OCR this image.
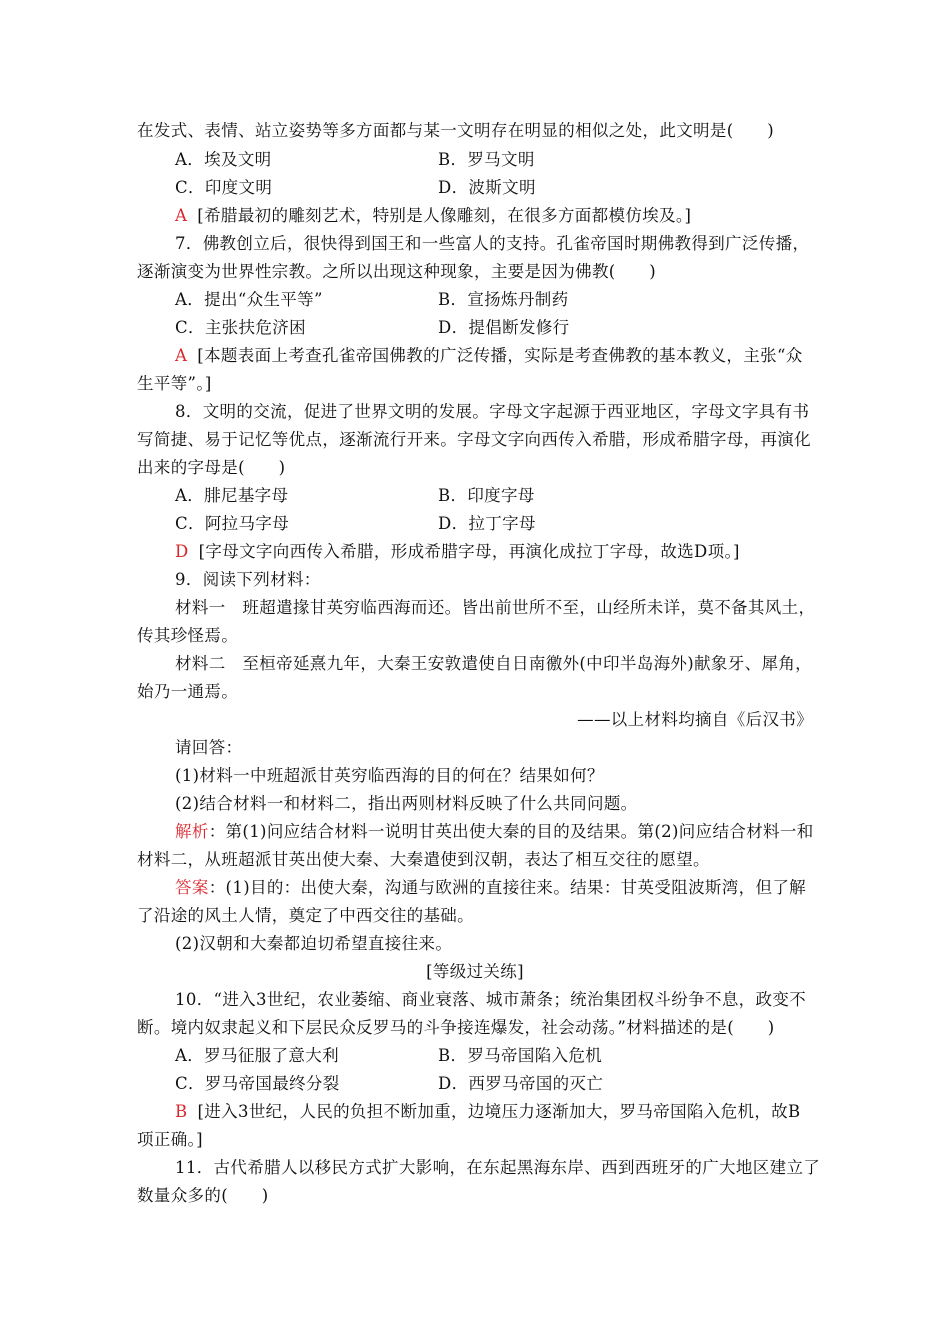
在发式、表情、站立姿势等多方面都与某一文明存在明显的相似之处，此文明是(　　)
A．埃及文明	B．罗马文明
C．印度文明	D．波斯文明
A [希腊最初的雕刻艺术，特别是人像雕刻，在很多方面都模仿埃及。]
7．佛教创立后，很快得到国王和一些富人的支持。孔雀帝国时期佛教得到广泛传播，
逐渐演变为世界性宗教。之所以出现这种现象，主要是因为佛教(　　)
A．提出“众生平等”	B．宣扬炼丹制药
C．主张扶危济困	D．提倡断发修行
A [本题表面上考查孔雀帝国佛教的广泛传播，实际是考查佛教的基本教义，主张“众
生平等”。]
8．文明的交流，促进了世界文明的发展。字母文字起源于西亚地区，字母文字具有书
写简捷、易于记忆等优点，逐渐流行开来。字母文字向西传入希腊，形成希腊字母，再演化
出来的字母是(　　)
A．腓尼基字母	B．印度字母
C．阿拉马字母	D．拉丁字母
D [字母文字向西传入希腊，形成希腊字母，再演化成拉丁字母，故选D项。]
9．阅读下列材料：
材料一　班超遣掾甘英穷临西海而还。皆出前世所不至，山经所未详，莫不备其风土，
传其珍怪焉。
材料二　至桓帝延熹九年，大秦王安敦遣使自日南徼外(中印半岛海外)献象牙、犀角，
始乃一通焉。
——以上材料均摘自《后汉书》
请回答：
(1)材料一中班超派甘英穷临西海的目的何在？结果如何？
(2)结合材料一和材料二，指出两则材料反映了什么共同问题。
解析：第(1)问应结合材料一说明甘英出使大秦的目的及结果。第(2)问应结合材料一和
材料二，从班超派甘英出使大秦、大秦遣使到汉朝，表达了相互交往的愿望。
答案：(1)目的：出使大秦，沟通与欧洲的直接往来。结果：甘英受阻波斯湾，但了解
了沿途的风土人情，奠定了中西交往的基础。
(2)汉朝和大秦都迫切希望直接往来。
[等级过关练]
10．“进入3世纪，农业萎缩、商业衰落、城市萧条；统治集团权斗纷争不息，政变不
断。境内奴隶起义和下层民众反罗马的斗争接连爆发，社会动荡。”材料描述的是(　　)
A．罗马征服了意大利	B．罗马帝国陷入危机
C．罗马帝国最终分裂	D．西罗马帝国的灭亡
B [进入3世纪，人民的负担不断加重，边境压力逐渐加大，罗马帝国陷入危机，故B
项正确。]
11．古代希腊人以移民方式扩大影响，在东起黑海东岸、西到西班牙的广大地区建立了
数量众多的(　　)
